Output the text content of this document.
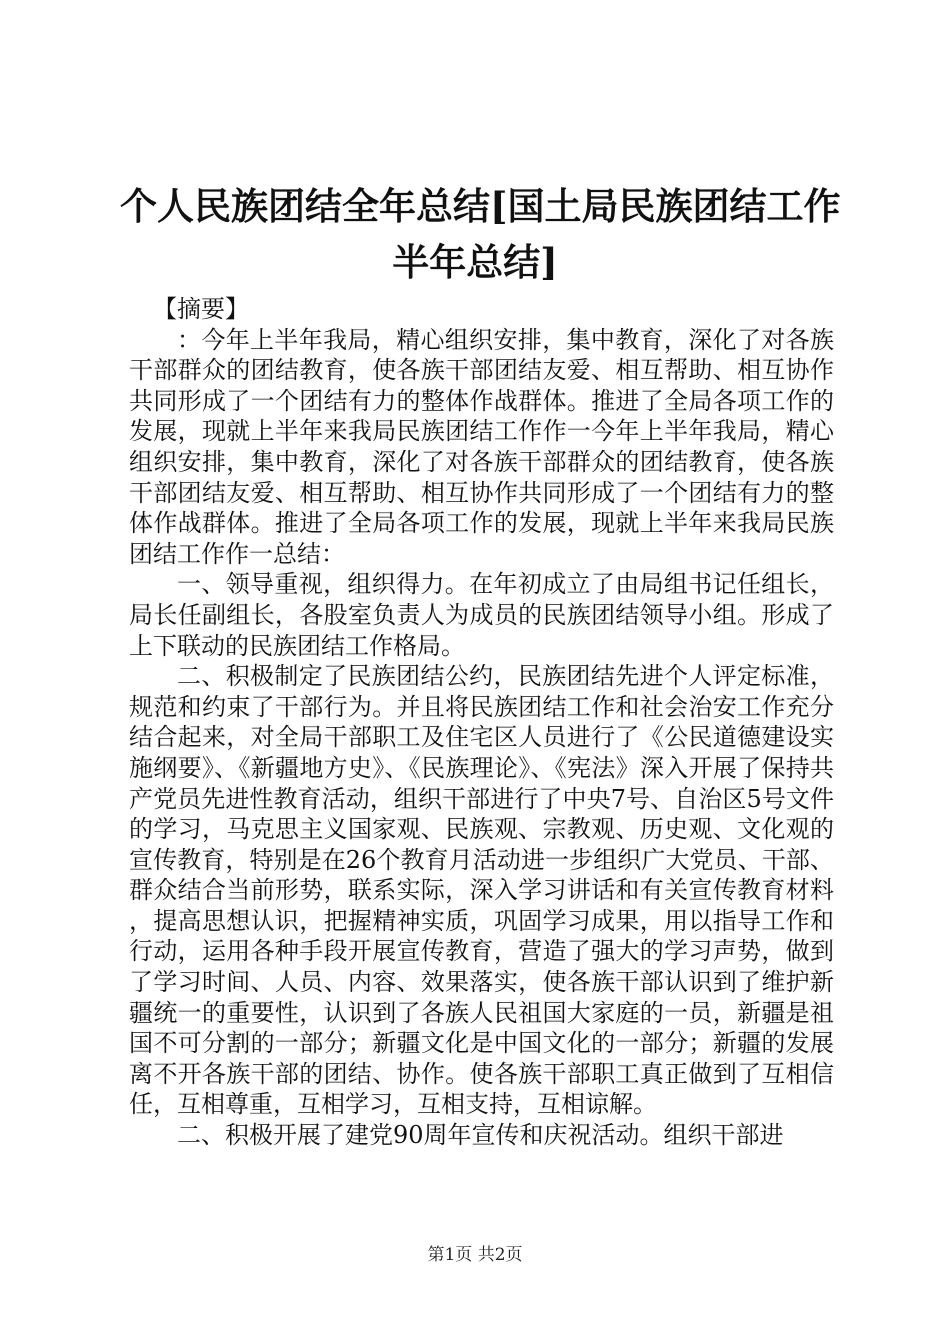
个人民族团结全年总结[国土局民族团结工作
半年总结]

【摘要】

：今年上半年我局，精心组织安排，集中教育，深化了对各族干部群众的团结教育，使各族干部团结友爱、相互帮助、相互协作共同形成了一个团结有力的整体作战群体。推进了全局各项工作的发展，现就上半年来我局民族团结工作作一今年上半年我局，精心组织安排，集中教育，深化了对各族干部群众的团结教育，使各族干部团结友爱、相互帮助、相互协作共同形成了一个团结有力的整体作战群体。推进了全局各项工作的发展，现就上半年来我局民族团结工作作一总结：

一、领导重视，组织得力。在年初成立了由局组书记任组长，局长任副组长，各股室负责人为成员的民族团结领导小组。形成了上下联动的民族团结工作格局。

二、积极制定了民族团结公约，民族团结先进个人评定标准，规范和约束了干部行为。并且将民族团结工作和社会治安工作充分结合起来，对全局干部职工及住宅区人员进行了《公民道德建设实施纲要》、《新疆地方史》、《民族理论》、《宪法》深入开展了保持共产党员先进性教育活动，组织干部进行了中央7号、自治区5号文件的学习，马克思主义国家观、民族观、宗教观、历史观、文化观的宣传教育，特别是在26个教育月活动进一步组织广大党员、干部、群众结合当前形势，联系实际，深入学习讲话和有关宣传教育材料，提高思想认识，把握精神实质，巩固学习成果，用以指导工作和行动，运用各种手段开展宣传教育，营造了强大的学习声势，做到了学习时间、人员、内容、效果落实，使各族干部认识到了维护新疆统一的重要性，认识到了各族人民祖国大家庭的一员，新疆是祖国不可分割的一部分；新疆文化是中国文化的一部分；新疆的发展离不开各族干部的团结、协作。使各族干部职工真正做到了互相信任，互相尊重，互相学习，互相支持，互相谅解。

二、积极开展了建党90周年宣传和庆祝活动。组织干部进

第1页 共2页
